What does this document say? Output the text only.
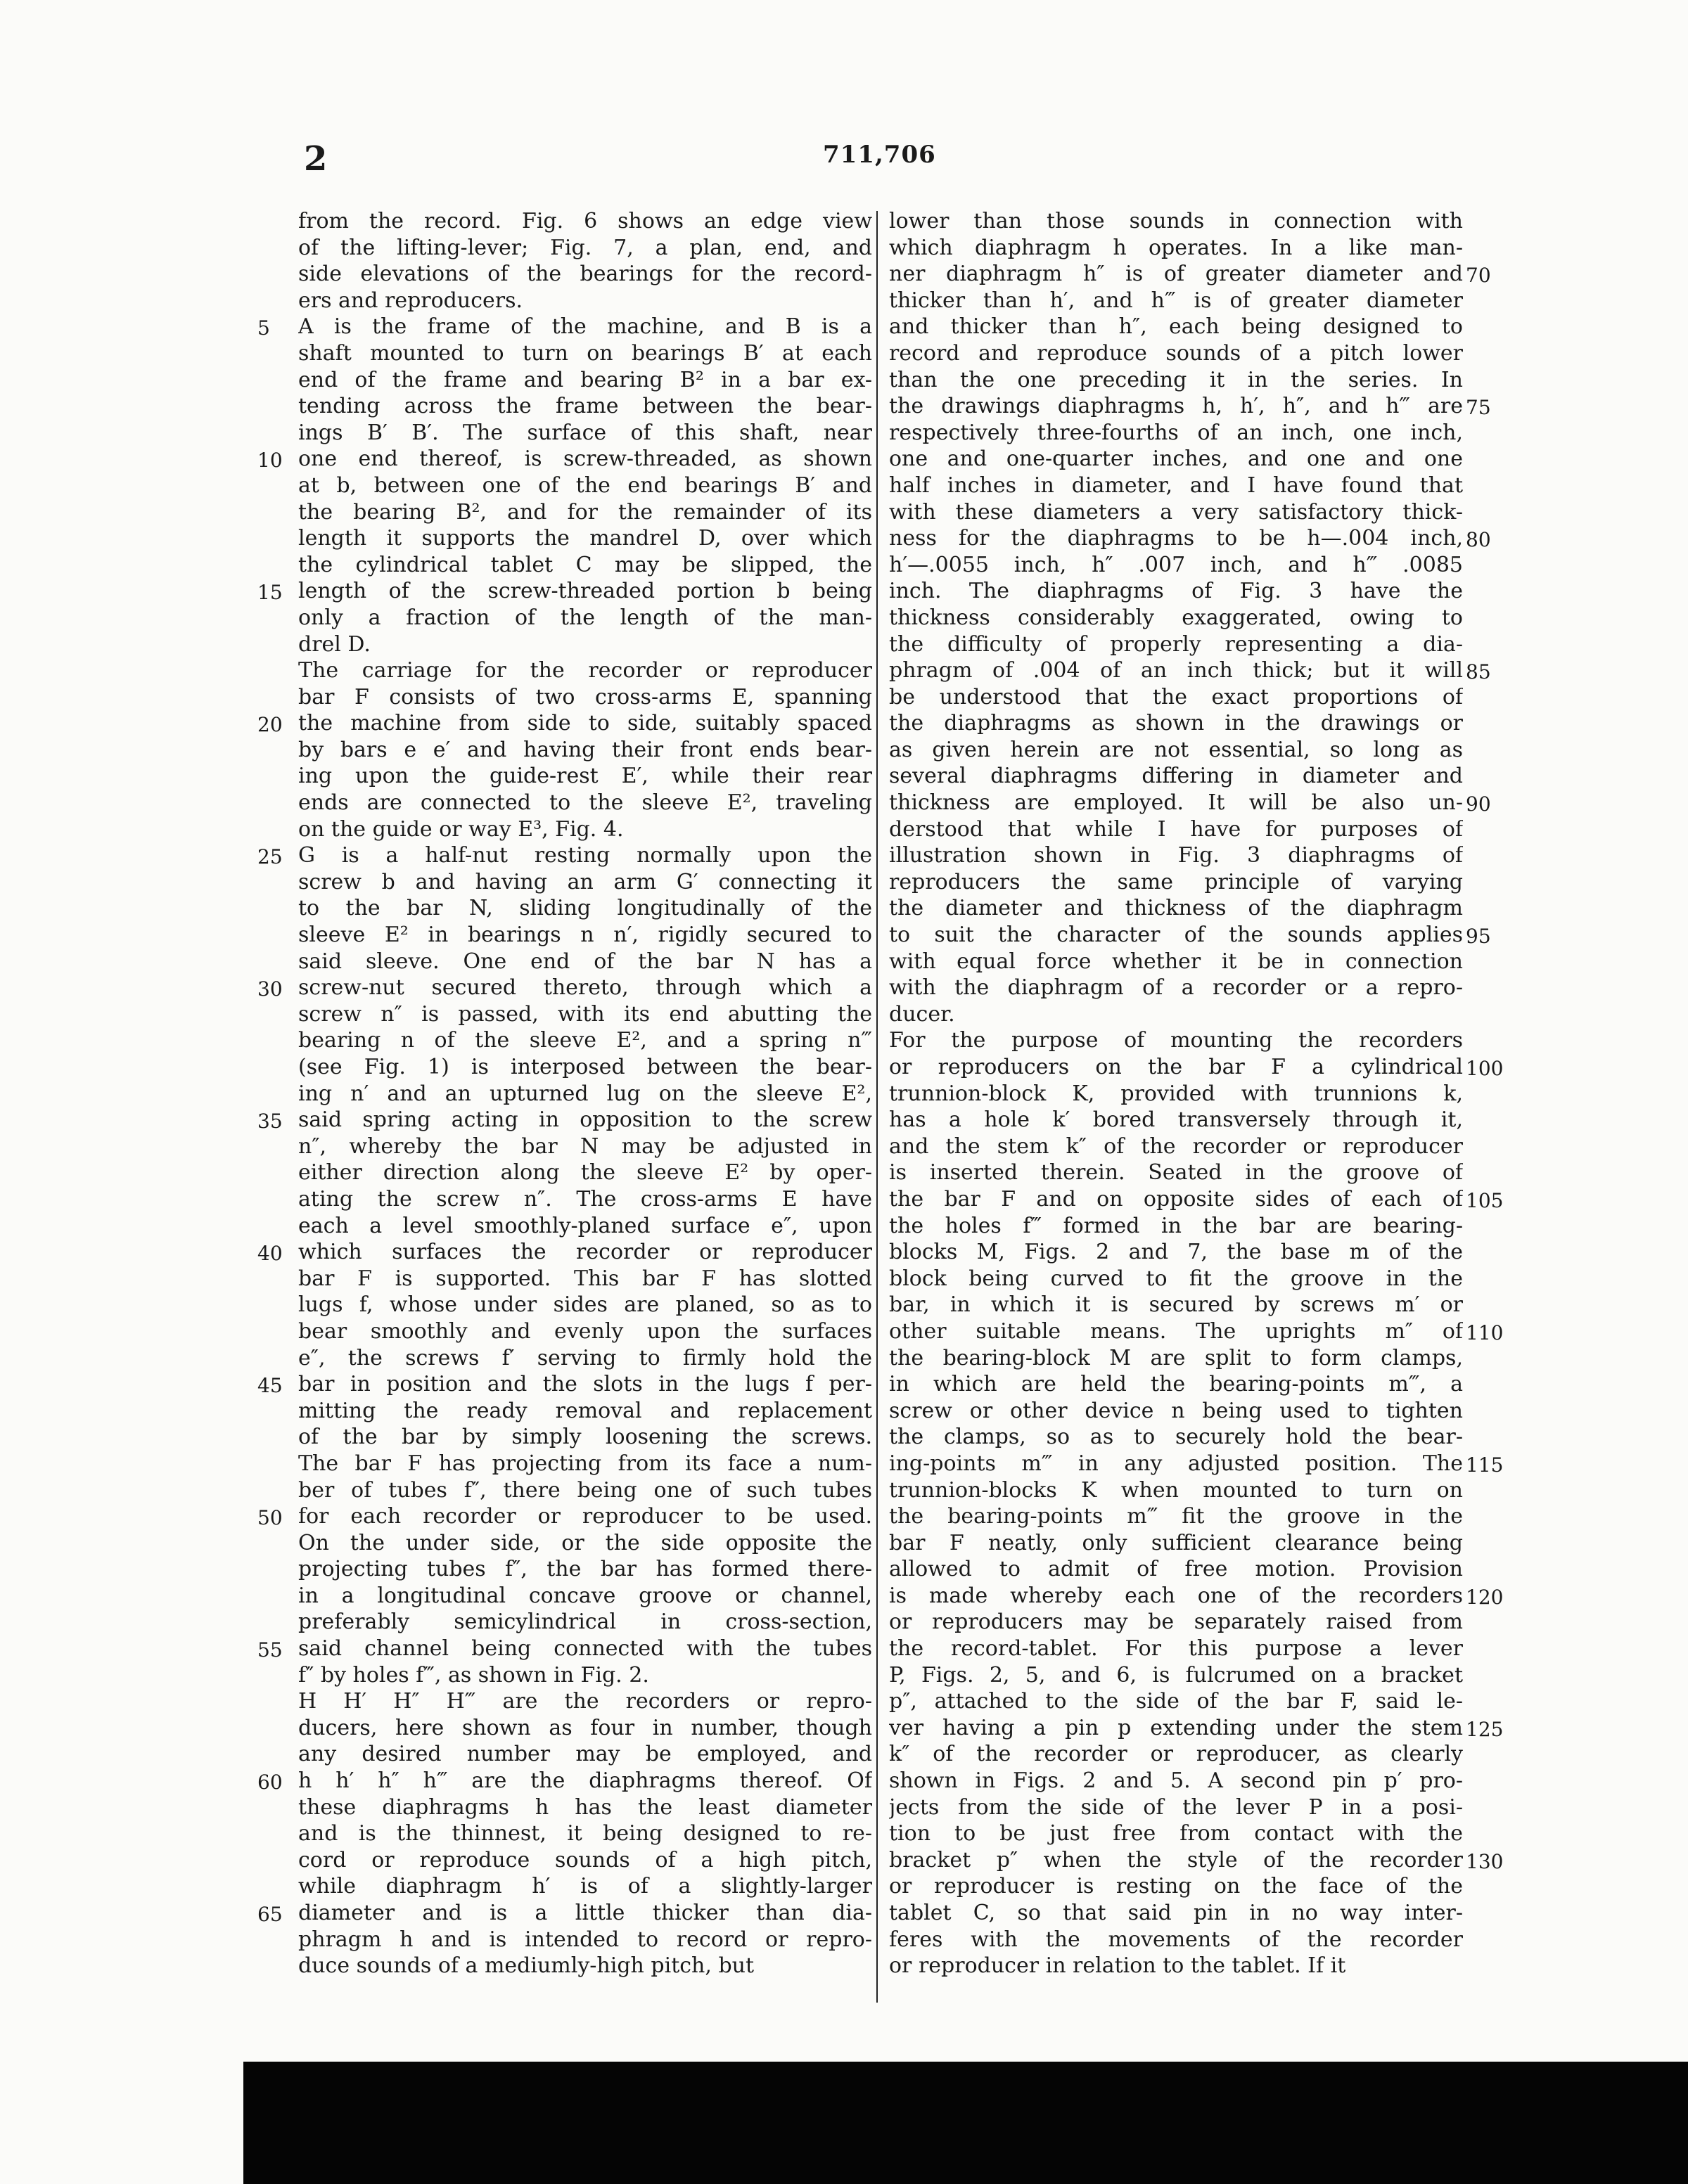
2	711,706
from the record. Fig. 6 shows an edge view
of the lifting-lever; Fig. 7, a plan, end, and
side elevations of the bearings for the record-
ers and reproducers.
A is the frame of the machine, and B is a
shaft mounted to turn on bearings B′ at each
end of the frame and bearing B² in a bar ex-
tending across the frame between the bear-
ings B′ B′. The surface of this shaft, near
one end thereof, is screw-threaded, as shown
at b, between one of the end bearings B′ and
the bearing B², and for the remainder of its
length it supports the mandrel D, over which
the cylindrical tablet C may be slipped, the
length of the screw-threaded portion b being
only a fraction of the length of the man-
drel D.
The carriage for the recorder or reproducer
bar F consists of two cross-arms E, spanning
the machine from side to side, suitably spaced
by bars e e′ and having their front ends bear-
ing upon the guide-rest E′, while their rear
ends are connected to the sleeve E², traveling
on the guide or way E³, Fig. 4.
G is a half-nut resting normally upon the
screw b and having an arm G′ connecting it
to the bar N, sliding longitudinally of the
sleeve E² in bearings n n′, rigidly secured to
said sleeve. One end of the bar N has a
screw-nut secured thereto, through which a
screw n″ is passed, with its end abutting the
bearing n of the sleeve E², and a spring n‴
(see Fig. 1) is interposed between the bear-
ing n′ and an upturned lug on the sleeve E²,
said spring acting in opposition to the screw
n″, whereby the bar N may be adjusted in
either direction along the sleeve E² by oper-
ating the screw n″. The cross-arms E have
each a level smoothly-planed surface e″, upon
which surfaces the recorder or reproducer
bar F is supported. This bar F has slotted
lugs f, whose under sides are planed, so as to
bear smoothly and evenly upon the surfaces
e″, the screws f′ serving to firmly hold the
bar in position and the slots in the lugs f per-
mitting the ready removal and replacement
of the bar by simply loosening the screws.
The bar F has projecting from its face a num-
ber of tubes f″, there being one of such tubes
for each recorder or reproducer to be used.
On the under side, or the side opposite the
projecting tubes f″, the bar has formed there-
in a longitudinal concave groove or channel,
preferably semicylindrical in cross-section,
said channel being connected with the tubes
f″ by holes f‴, as shown in Fig. 2.
H H′ H″ H‴ are the recorders or repro-
ducers, here shown as four in number, though
any desired number may be employed, and
h h′ h″ h‴ are the diaphragms thereof. Of
these diaphragms h has the least diameter
and is the thinnest, it being designed to re-
cord or reproduce sounds of a high pitch,
while diaphragm h′ is of a slightly-larger
diameter and is a little thicker than dia-
phragm h and is intended to record or repro-
duce sounds of a mediumly-high pitch, but
lower than those sounds in connection with
which diaphragm h operates. In a like man-
ner diaphragm h″ is of greater diameter and
thicker than h′, and h‴ is of greater diameter
and thicker than h″, each being designed to
record and reproduce sounds of a pitch lower
than the one preceding it in the series. In
the drawings diaphragms h, h′, h″, and h‴ are
respectively three-fourths of an inch, one inch,
one and one-quarter inches, and one and one
half inches in diameter, and I have found that
with these diameters a very satisfactory thick-
ness for the diaphragms to be h—.004 inch,
h′—.0055 inch, h″ .007 inch, and h‴ .0085
inch. The diaphragms of Fig. 3 have the
thickness considerably exaggerated, owing to
the difficulty of properly representing a dia-
phragm of .004 of an inch thick; but it will
be understood that the exact proportions of
the diaphragms as shown in the drawings or
as given herein are not essential, so long as
several diaphragms differing in diameter and
thickness are employed. It will be also un-
derstood that while I have for purposes of
illustration shown in Fig. 3 diaphragms of
reproducers the same principle of varying
the diameter and thickness of the diaphragm
to suit the character of the sounds applies
with equal force whether it be in connection
with the diaphragm of a recorder or a repro-
ducer.
For the purpose of mounting the recorders
or reproducers on the bar F a cylindrical
trunnion-block K, provided with trunnions k,
has a hole k′ bored transversely through it,
and the stem k″ of the recorder or reproducer
is inserted therein. Seated in the groove of
the bar F and on opposite sides of each of
the holes f‴ formed in the bar are bearing-
blocks M, Figs. 2 and 7, the base m of the
block being curved to fit the groove in the
bar, in which it is secured by screws m′ or
other suitable means. The uprights m″ of
the bearing-block M are split to form clamps,
in which are held the bearing-points m‴, a
screw or other device n being used to tighten
the clamps, so as to securely hold the bear-
ing-points m‴ in any adjusted position. The
trunnion-blocks K when mounted to turn on
the bearing-points m‴ fit the groove in the
bar F neatly, only sufficient clearance being
allowed to admit of free motion. Provision
is made whereby each one of the recorders
or reproducers may be separately raised from
the record-tablet. For this purpose a lever
P, Figs. 2, 5, and 6, is fulcrumed on a bracket
p″, attached to the side of the bar F, said le-
ver having a pin p extending under the stem
k″ of the recorder or reproducer, as clearly
shown in Figs. 2 and 5. A second pin p′ pro-
jects from the side of the lever P in a posi-
tion to be just free from contact with the
bracket p″ when the style of the recorder
or reproducer is resting on the face of the
tablet C, so that said pin in no way inter-
feres with the movements of the recorder
or reproducer in relation to the tablet. If it
5
10
15
20
25
30
35
40
45
50
55
60
65
70
75
80
85
90
95
100
105
110
115
120
125
130
